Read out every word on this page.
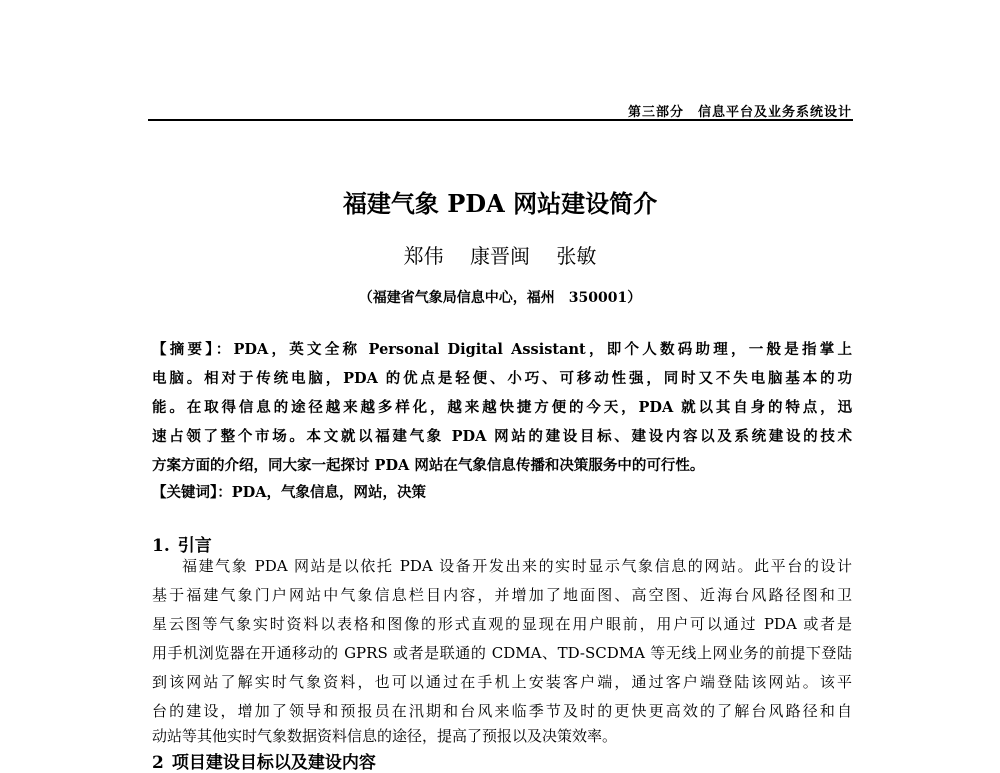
第三部分　信息平台及业务系统设计
福建气象 PDA 网站建设简介
郑伟 康晋闽 张敏
（福建省气象局信息中心，福州　350001）
【摘要】：PDA，英文全称 Personal Digital Assistant，即个人数码助理，一般是指掌上
电脑。相对于传统电脑，PDA 的优点是轻便、小巧、可移动性强，同时又不失电脑基本的功
能。在取得信息的途径越来越多样化，越来越快捷方便的今天，PDA 就以其自身的特点，迅
速占领了整个市场。本文就以福建气象 PDA 网站的建设目标、建设内容以及系统建设的技术
方案方面的介绍，同大家一起探讨 PDA 网站在气象信息传播和决策服务中的可行性。
【关键词】：PDA，气象信息，网站，决策
1. 引言
福建气象 PDA 网站是以依托 PDA 设备开发出来的实时显示气象信息的网站。此平台的设计
基于福建气象门户网站中气象信息栏目内容，并增加了地面图、高空图、近海台风路径图和卫
星云图等气象实时资料以表格和图像的形式直观的显现在用户眼前，用户可以通过 PDA 或者是
用手机浏览器在开通移动的 GPRS 或者是联通的 CDMA、TD-SCDMA 等无线上网业务的前提下登陆
到该网站了解实时气象资料，也可以通过在手机上安装客户端，通过客户端登陆该网站。该平
台的建设，增加了领导和预报员在汛期和台风来临季节及时的更快更高效的了解台风路径和自
动站等其他实时气象数据资料信息的途径，提高了预报以及决策效率。
2 项目建设目标以及建设内容
